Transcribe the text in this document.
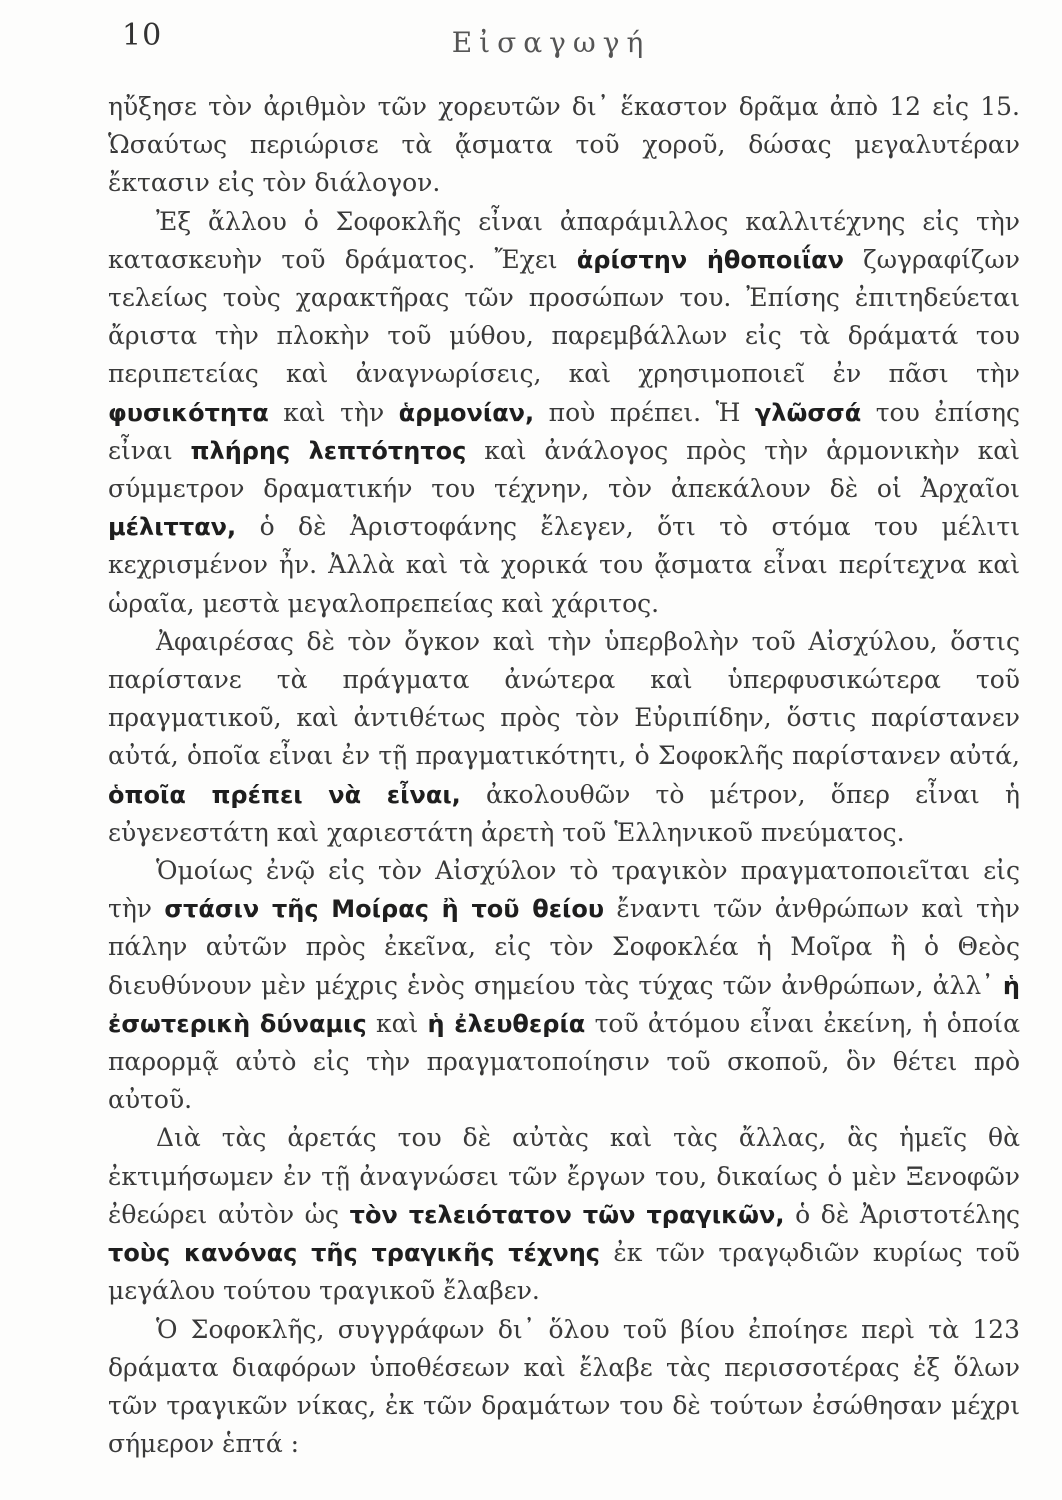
10	Εἰσαγωγή

ηὔξησε τὸν ἀριθμὸν τῶν χορευτῶν δι᾽ ἕκαστον δρᾶμα ἀπὸ 12 εἰς 15. Ὡσαύτως περιώρισε τὰ ᾄσματα τοῦ χοροῦ, δώσας μεγαλυτέραν ἔκτασιν εἰς τὸν διάλογον.

Ἐξ ἄλλου ὁ Σοφοκλῆς εἶναι ἀπαράμιλλος καλλιτέχνης εἰς τὴν κατασκευὴν τοῦ δράματος. Ἔχει ἀρίστην ἠθοποιΐαν ζωγραφίζων τελείως τοὺς χαρακτῆρας τῶν προσώπων του. Ἐπίσης ἐπιτηδεύεται ἄριστα τὴν πλοκὴν τοῦ μύθου, παρεμβάλλων εἰς τὰ δράματά του περιπετείας καὶ ἀναγνωρίσεις, καὶ χρησιμοποιεῖ ἐν πᾶσι τὴν φυσικότητα καὶ τὴν ἁρμονίαν, ποὺ πρέπει. Ἡ γλῶσσά του ἐπίσης εἶναι πλήρης λεπτότητος καὶ ἀνάλογος πρὸς τὴν ἁρμονικὴν καὶ σύμμετρον δραματικήν του τέχνην, τὸν ἀπεκάλουν δὲ οἱ Ἀρχαῖοι μέλιτταν, ὁ δὲ Ἀριστοφάνης ἔλεγεν, ὅτι τὸ στόμα του μέλιτι κεχρισμένον ἦν. Ἀλλὰ καὶ τὰ χορικά του ᾄσματα εἶναι περίτεχνα καὶ ὡραῖα, μεστὰ μεγαλοπρεπείας καὶ χάριτος.

Ἀφαιρέσας δὲ τὸν ὄγκον καὶ τὴν ὑπερβολὴν τοῦ Αἰσχύλου, ὅστις παρίστανε τὰ πράγματα ἀνώτερα καὶ ὑπερφυσικώτερα τοῦ πραγματικοῦ, καὶ ἀντιθέτως πρὸς τὸν Εὐριπίδην, ὅστις παρίστανεν αὐτά, ὁποῖα εἶναι ἐν τῇ πραγματικότητι, ὁ Σοφοκλῆς παρίστανεν αὐτά, ὁποῖα πρέπει νὰ εἶναι, ἀκολουθῶν τὸ μέτρον, ὅπερ εἶναι ἡ εὐγενεστάτη καὶ χαριεστάτη ἀρετὴ τοῦ Ἑλληνικοῦ πνεύματος.

Ὁμοίως ἐνῷ εἰς τὸν Αἰσχύλον τὸ τραγικὸν πραγματοποιεῖται εἰς τὴν στάσιν τῆς Μοίρας ἢ τοῦ θείου ἔναντι τῶν ἀνθρώπων καὶ τὴν πάλην αὐτῶν πρὸς ἐκεῖνα, εἰς τὸν Σοφοκλέα ἡ Μοῖρα ἢ ὁ Θεὸς διευθύνουν μὲν μέχρις ἑνὸς σημείου τὰς τύχας τῶν ἀνθρώπων, ἀλλ᾽ ἡ ἐσωτερικὴ δύναμις καὶ ἡ ἐλευθερία τοῦ ἀτόμου εἶναι ἐκείνη, ἡ ὁποία παρορμᾷ αὐτὸ εἰς τὴν πραγματοποίησιν τοῦ σκοποῦ, ὃν θέτει πρὸ αὐτοῦ.

Διὰ τὰς ἀρετάς του δὲ αὐτὰς καὶ τὰς ἄλλας, ἃς ἡμεῖς θὰ ἐκτιμήσωμεν ἐν τῇ ἀναγνώσει τῶν ἔργων του, δικαίως ὁ μὲν Ξενοφῶν ἐθεώρει αὐτὸν ὡς τὸν τελειότατον τῶν τραγικῶν, ὁ δὲ Ἀριστοτέλης τοὺς κανόνας τῆς τραγικῆς τέχνης ἐκ τῶν τραγῳδιῶν κυρίως τοῦ μεγάλου τούτου τραγικοῦ ἔλαβεν.

Ὁ Σοφοκλῆς, συγγράφων δι᾽ ὅλου τοῦ βίου ἐποίησε περὶ τὰ 123 δράματα διαφόρων ὑποθέσεων καὶ ἔλαβε τὰς περισσοτέρας ἐξ ὅλων τῶν τραγικῶν νίκας, ἐκ τῶν δραμάτων του δὲ τούτων ἐσώθησαν μέχρι σήμερον ἑπτά :
